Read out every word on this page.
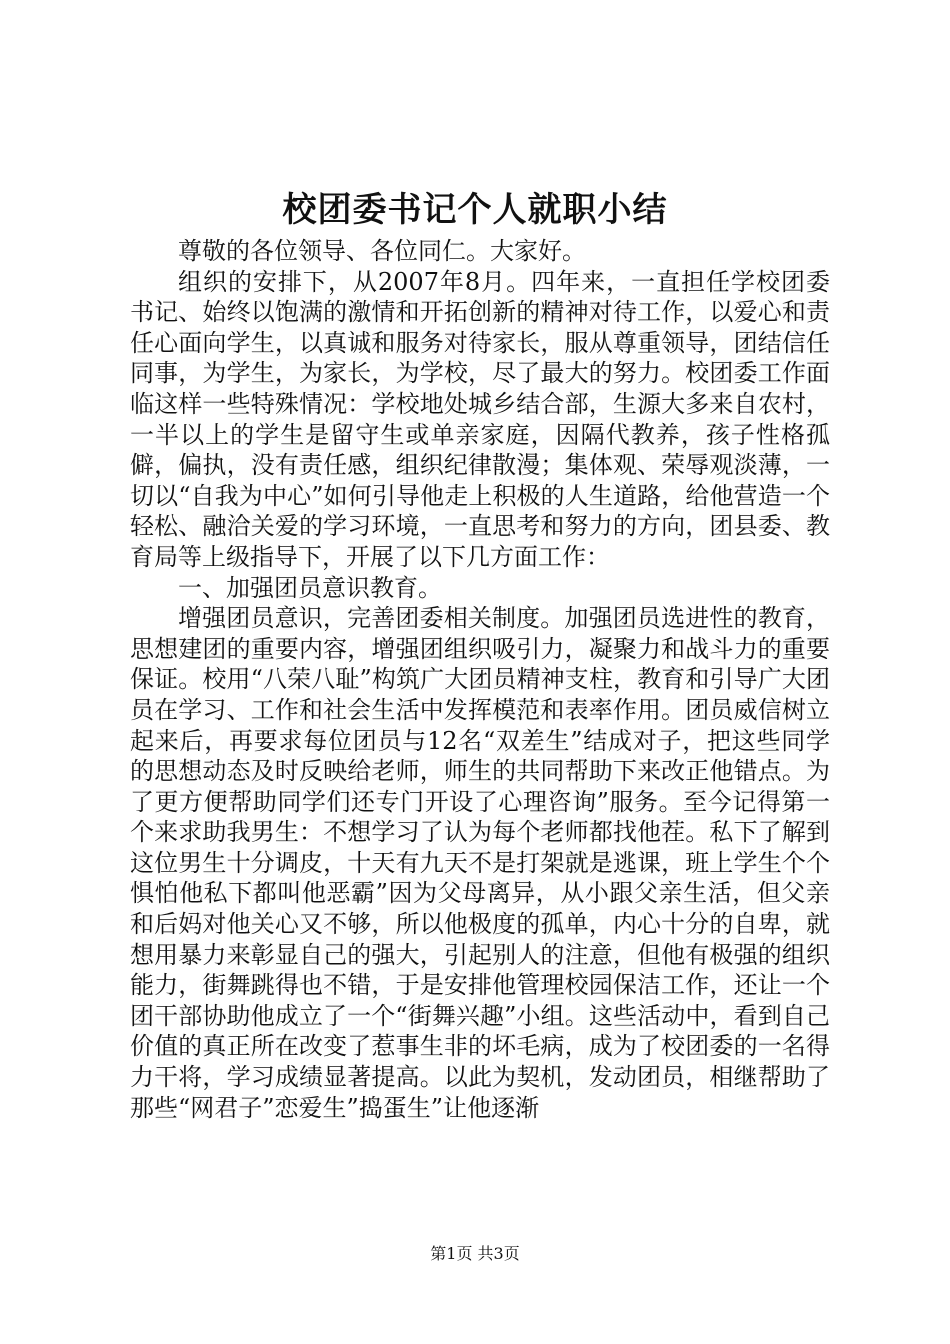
校团委书记个人就职小结

尊敬的各位领导、各位同仁。大家好。

组织的安排下，从2007年8月。四年来，一直担任学校团委书记、始终以饱满的激情和开拓创新的精神对待工作，以爱心和责任心面向学生，以真诚和服务对待家长，服从尊重领导，团结信任同事，为学生，为家长，为学校，尽了最大的努力。校团委工作面临这样一些特殊情况：学校地处城乡结合部，生源大多来自农村，一半以上的学生是留守生或单亲家庭，因隔代教养，孩子性格孤僻，偏执，没有责任感，组织纪律散漫；集体观、荣辱观淡薄，一切以“自我为中心”如何引导他走上积极的人生道路，给他营造一个轻松、融洽关爱的学习环境，一直思考和努力的方向，团县委、教育局等上级指导下，开展了以下几方面工作：

一、加强团员意识教育。

增强团员意识，完善团委相关制度。加强团员选进性的教育，思想建团的重要内容，增强团组织吸引力，凝聚力和战斗力的重要保证。校用“八荣八耻”构筑广大团员精神支柱，教育和引导广大团员在学习、工作和社会生活中发挥模范和表率作用。团员威信树立起来后，再要求每位团员与12名“双差生”结成对子，把这些同学的思想动态及时反映给老师，师生的共同帮助下来改正他错点。为了更方便帮助同学们还专门开设了心理咨询”服务。至今记得第一个来求助我男生：不想学习了认为每个老师都找他茬。私下了解到这位男生十分调皮，十天有九天不是打架就是逃课，班上学生个个惧怕他私下都叫他恶霸”因为父母离异，从小跟父亲生活，但父亲和后妈对他关心又不够，所以他极度的孤单，内心十分的自卑，就想用暴力来彰显自己的强大，引起别人的注意，但他有极强的组织能力，街舞跳得也不错，于是安排他管理校园保洁工作，还让一个团干部协助他成立了一个“街舞兴趣”小组。这些活动中，看到自己价值的真正所在改变了惹事生非的坏毛病，成为了校团委的一名得力干将，学习成绩显著提高。以此为契机，发动团员，相继帮助了那些“网君子”恋爱生”捣蛋生”让他逐渐

第1页 共3页
